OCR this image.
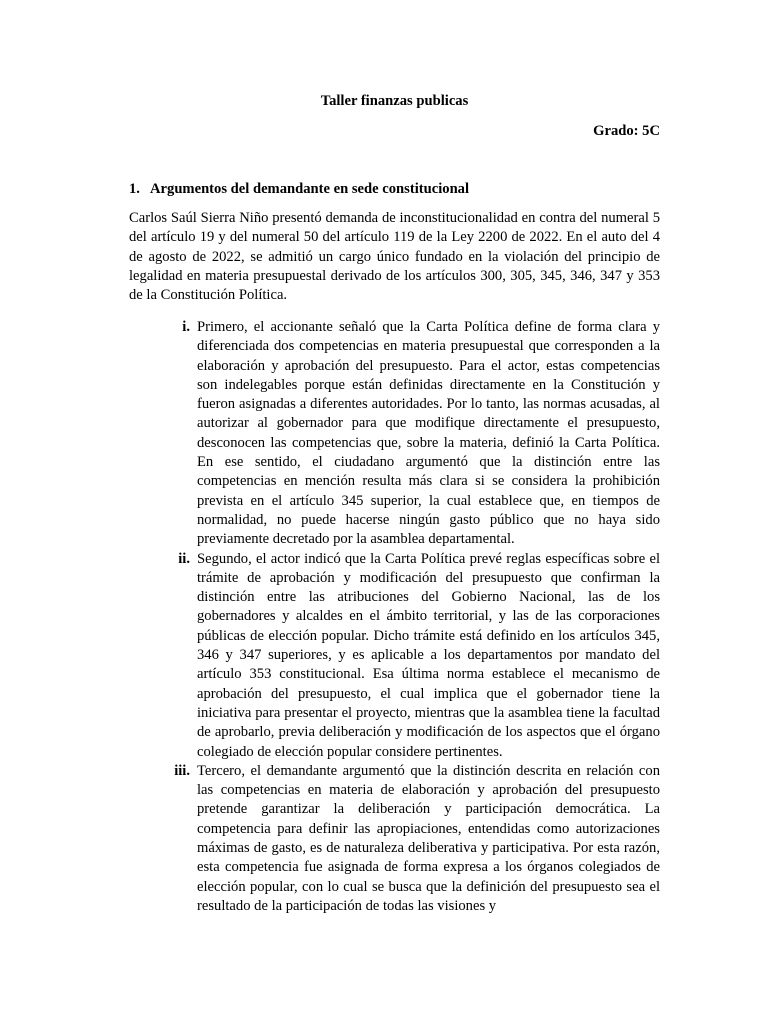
Taller finanzas publicas
Grado: 5C
1. Argumentos del demandante en sede constitucional
Carlos Saúl Sierra Niño presentó demanda de inconstitucionalidad en contra del numeral 5 del artículo 19 y del numeral 50 del artículo 119 de la Ley 2200 de 2022. En el auto del 4 de agosto de 2022, se admitió un cargo único fundado en la violación del principio de legalidad en materia presupuestal derivado de los artículos 300, 305, 345, 346, 347 y 353 de la Constitución Política.
i. Primero, el accionante señaló que la Carta Política define de forma clara y diferenciada dos competencias en materia presupuestal que corresponden a la elaboración y aprobación del presupuesto. Para el actor, estas competencias son indelegables porque están definidas directamente en la Constitución y fueron asignadas a diferentes autoridades. Por lo tanto, las normas acusadas, al autorizar al gobernador para que modifique directamente el presupuesto, desconocen las competencias que, sobre la materia, definió la Carta Política. En ese sentido, el ciudadano argumentó que la distinción entre las competencias en mención resulta más clara si se considera la prohibición prevista en el artículo 345 superior, la cual establece que, en tiempos de normalidad, no puede hacerse ningún gasto público que no haya sido previamente decretado por la asamblea departamental.
ii. Segundo, el actor indicó que la Carta Política prevé reglas específicas sobre el trámite de aprobación y modificación del presupuesto que confirman la distinción entre las atribuciones del Gobierno Nacional, las de los gobernadores y alcaldes en el ámbito territorial, y las de las corporaciones públicas de elección popular. Dicho trámite está definido en los artículos 345, 346 y 347 superiores, y es aplicable a los departamentos por mandato del artículo 353 constitucional. Esa última norma establece el mecanismo de aprobación del presupuesto, el cual implica que el gobernador tiene la iniciativa para presentar el proyecto, mientras que la asamblea tiene la facultad de aprobarlo, previa deliberación y modificación de los aspectos que el órgano colegiado de elección popular considere pertinentes.
iii. Tercero, el demandante argumentó que la distinción descrita en relación con las competencias en materia de elaboración y aprobación del presupuesto pretende garantizar la deliberación y participación democrática. La competencia para definir las apropiaciones, entendidas como autorizaciones máximas de gasto, es de naturaleza deliberativa y participativa. Por esta razón, esta competencia fue asignada de forma expresa a los órganos colegiados de elección popular, con lo cual se busca que la definición del presupuesto sea el resultado de la participación de todas las visiones y
